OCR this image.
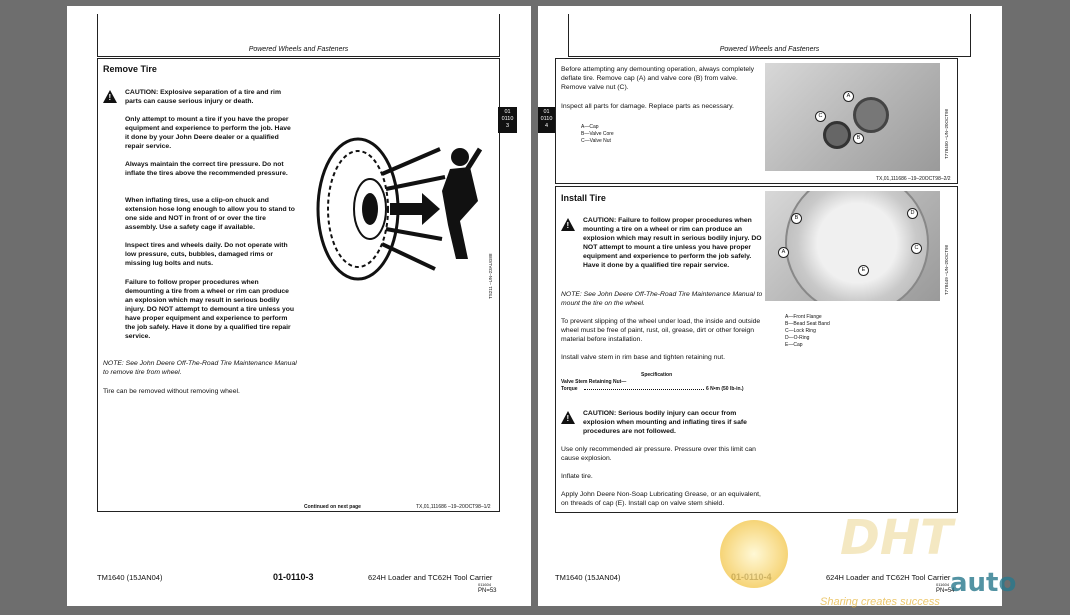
Powered Wheels and Fasteners
Remove Tire
!
CAUTION: Explosive separation of a tire and rim parts can cause serious injury or death.
Only attempt to mount a tire if you have the proper equipment and experience to perform the job. Have it done by your John Deere dealer or a qualified repair service.
Always maintain the correct tire pressure. Do not inflate the tires above the recommended pressure.
When inflating tires, use a clip-on chuck and extension hose long enough to allow you to stand to one side and NOT in front of or over the tire assembly. Use a safety cage if available.
Inspect tires and wheels daily. Do not operate with low pressure, cuts, bubbles, damaged rims or missing lug bolts and nuts.
Failure to follow proper procedures when demounting a tire from a wheel or rim can produce an explosion which may result in serious bodily injury. DO NOT attempt to demount a tire unless you have proper equipment and experience to perform the job safely. Have it done by a qualified tire repair service.
NOTE: See John Deere Off-The-Road Tire Maintenance Manual to remove tire from wheel.
Tire can be removed without removing wheel.
TS211 –UN–23AUG88
Continued on next page	TX,01,111686 –19–20OCT98–1/2
01
0110
3
TM1640 (15JAN04)	01-0110-3	624H Loader and TC62H Tool Carrier
011604
PN=53
Powered Wheels and Fasteners
Before attempting any demounting operation, always completely deflate tire. Remove cap (A) and valve core (B) from valve. Remove valve nut (C).
Inspect all parts for damage. Replace parts as necessary.
A—Cap
B—Valve Core
C—Valve Nut
A
B
C	T778450 –UN–20OCT98
TX,01,111686 –19–20OCT98–2/2
Install Tire
!
CAUTION: Failure to follow proper procedures when mounting a tire on a wheel or rim can produce an explosion which may result in serious bodily injury. DO NOT attempt to mount a tire unless you have proper equipment and experience to perform the job safely. Have it done by a qualified tire repair service.
NOTE: See John Deere Off-The-Road Tire Maintenance Manual to mount the tire on the wheel.
To prevent slipping of the wheel under load, the inside and outside wheel must be free of paint, rust, oil, grease, dirt or other foreign material before installation.
Install valve stem in rim base and tighten retaining nut.
Specification
Valve Stem Retaining Nut—
Torque	6 N•m (50 lb-in.)
!
CAUTION: Serious bodily injury can occur from explosion when mounting and inflating tires if safe procedures are not followed.
Use only recommended air pressure. Pressure over this limit can cause explosion.
Inflate tire.
Apply John Deere Non-Soap Lubricating Grease, or an equivalent, on threads of cap (E). Install cap on valve stem shield.
B
A
C
D
E	T778449 –UN–20OCT98
A—Front Flange
B—Bead Seat Band
C—Lock Ring
D—O-Ring
E—Cap
01
0110
4
TM1640 (15JAN04)	624H Loader and TC62H Tool Carrier
011604
PN=54
DHT
auto
Sharing creates success
